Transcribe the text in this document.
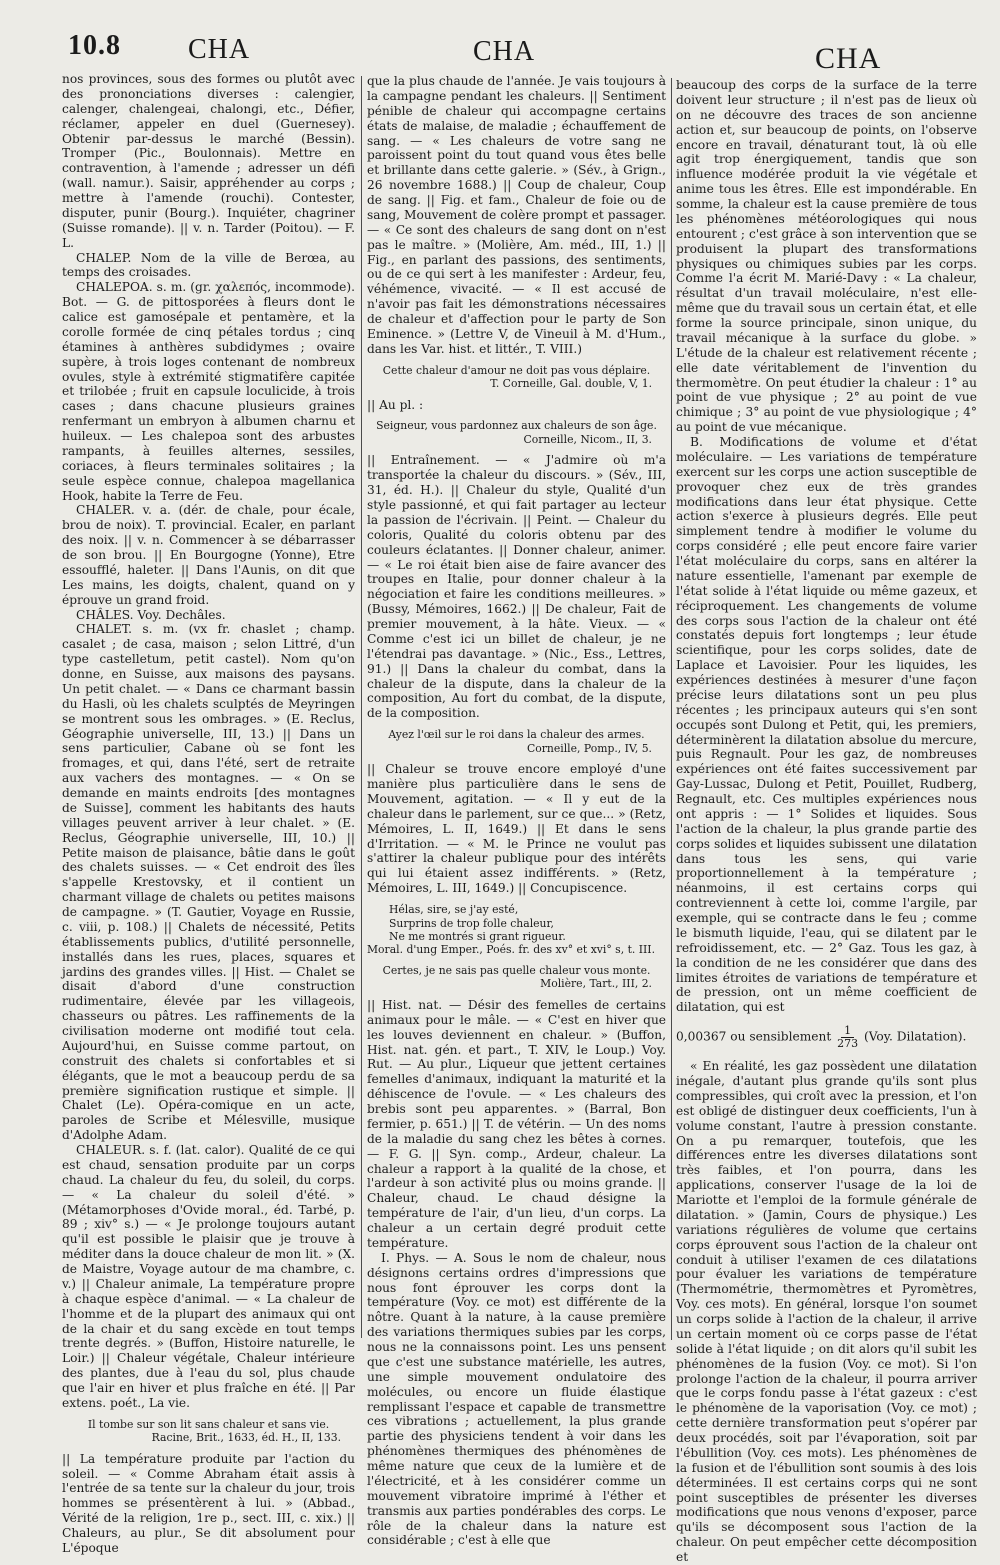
10.8 CHA	CHA	CHA

nos provinces, sous des formes ou plutôt avec des prononciations diverses : calengier, calenger, chalengeai, chalongi, etc., Défier, réclamer, appeler en duel (Guernesey). Obtenir par-dessus le marché (Bessin). Tromper (Pic., Boulonnais). Mettre en contravention, à l'amende ; adresser un défi (wall. namur.). Saisir, appréhender au corps ; mettre à l'amende (rouchi). Contester, disputer, punir (Bourg.). Inquiéter, chagriner (Suisse romande). || v. n. Tarder (Poitou). — F. L.

CHALEP. Nom de la ville de Berœa, au temps des croisades.

CHALEPOA. s. m. (gr. χαλεπός, incommode). Bot. — G. de pittosporées à fleurs dont le calice est gamosépale et pentamère, et la corolle formée de cinq pétales tordus ; cinq étamines à anthères subdidymes ; ovaire supère, à trois loges contenant de nombreux ovules, style à extrémité stigmatifère capitée et trilobée ; fruit en capsule loculicide, à trois cases ; dans chacune plusieurs graines renfermant un embryon à albumen charnu et huileux. — Les chalepoa sont des arbustes rampants, à feuilles alternes, sessiles, coriaces, à fleurs terminales solitaires ; la seule espèce connue, chalepoa magellanica Hook, habite la Terre de Feu.

CHALER. v. a. (dér. de chale, pour écale, brou de noix). T. provincial. Ecaler, en parlant des noix. || v. n. Commencer à se débarrasser de son brou. || En Bourgogne (Yonne), Etre essoufflé, haleter. || Dans l'Aunis, on dit que Les mains, les doigts, chalent, quand on y éprouve un grand froid.

CHÂLES. Voy. Dechâles.

CHALET. s. m. (vx fr. chaslet ; champ. casalet ; de casa, maison ; selon Littré, d'un type castelletum, petit castel). Nom qu'on donne, en Suisse, aux maisons des paysans. Un petit chalet. — « Dans ce charmant bassin du Hasli, où les chalets sculptés de Meyringen se montrent sous les ombrages. » (E. Reclus, Géographie universelle, III, 13.) || Dans un sens particulier, Cabane où se font les fromages, et qui, dans l'été, sert de retraite aux vachers des montagnes. — « On se demande en maints endroits [des montagnes de Suisse], comment les habitants des hauts villages peuvent arriver à leur chalet. » (E. Reclus, Géographie universelle, III, 10.) || Petite maison de plaisance, bâtie dans le goût des chalets suisses. — « Cet endroit des îles s'appelle Krestovsky, et il contient un charmant village de chalets ou petites maisons de campagne. » (T. Gautier, Voyage en Russie, c. viii, p. 108.) || Chalets de nécessité, Petits établissements publics, d'utilité personnelle, installés dans les rues, places, squares et jardins des grandes villes. || Hist. — Chalet se disait d'abord d'une construction rudimentaire, élevée par les villageois, chasseurs ou pâtres. Les raffinements de la civilisation moderne ont modifié tout cela. Aujourd'hui, en Suisse comme partout, on construit des chalets si confortables et si élégants, que le mot a beaucoup perdu de sa première signification rustique et simple. || Chalet (Le). Opéra-comique en un acte, paroles de Scribe et Mélesville, musique d'Adolphe Adam.

CHALEUR. s. f. (lat. calor). Qualité de ce qui est chaud, sensation produite par un corps chaud. La chaleur du feu, du soleil, du corps. — « La chaleur du soleil d'été. » (Métamorphoses d'Ovide moral., éd. Tarbé, p. 89 ; xiv° s.) — « Je prolonge toujours autant qu'il est possible le plaisir que je trouve à méditer dans la douce chaleur de mon lit. » (X. de Maistre, Voyage autour de ma chambre, c. v.) || Chaleur animale, La température propre à chaque espèce d'animal. — « La chaleur de l'homme et de la plupart des animaux qui ont de la chair et du sang excède en tout temps trente degrés. » (Buffon, Histoire naturelle, le Loir.) || Chaleur végétale, Chaleur intérieure des plantes, due à l'eau du sol, plus chaude que l'air en hiver et plus fraîche en été. || Par extens. poét., La vie.

Il tombe sur son lit sans chaleur et sans vie.

Racine, Brit., 1633, éd. H., II, 133.

|| La température produite par l'action du soleil. — « Comme Abraham était assis à l'entrée de sa tente sur la chaleur du jour, trois hommes se présentèrent à lui. » (Abbad., Vérité de la religion, 1re p., sect. III, c. xix.) || Chaleurs, au plur., Se dit absolument pour L'époque

que la plus chaude de l'année. Je vais toujours à la campagne pendant les chaleurs. || Sentiment pénible de chaleur qui accompagne certains états de malaise, de maladie ; échauffement de sang. — « Les chaleurs de votre sang ne paroissent point du tout quand vous êtes belle et brillante dans cette galerie. » (Sév., à Grign., 26 novembre 1688.) || Coup de chaleur, Coup de sang. || Fig. et fam., Chaleur de foie ou de sang, Mouvement de colère prompt et passager. — « Ce sont des chaleurs de sang dont on n'est pas le maître. » (Molière, Am. méd., III, 1.) || Fig., en parlant des passions, des sentiments, ou de ce qui sert à les manifester : Ardeur, feu, véhémence, vivacité. — « Il est accusé de n'avoir pas fait les démonstrations nécessaires de chaleur et d'affection pour le party de Son Eminence. » (Lettre V, de Vineuil à M. d'Hum., dans les Var. hist. et littér., T. VIII.)

Cette chaleur d'amour ne doit pas vous déplaire.

T. Corneille, Gal. double, V, 1.

|| Au pl. :

Seigneur, vous pardonnez aux chaleurs de son âge.

Corneille, Nicom., II, 3.

|| Entraînement. — « J'admire où m'a transportée la chaleur du discours. » (Sév., III, 31, éd. H.). || Chaleur du style, Qualité d'un style passionné, et qui fait partager au lecteur la passion de l'écrivain. || Peint. — Chaleur du coloris, Qualité du coloris obtenu par des couleurs éclatantes. || Donner chaleur, animer. — « Le roi était bien aise de faire avancer des troupes en Italie, pour donner chaleur à la négociation et faire les conditions meilleures. » (Bussy, Mémoires, 1662.) || De chaleur, Fait de premier mouvement, à la hâte. Vieux. — « Comme c'est ici un billet de chaleur, je ne l'étendrai pas davantage. » (Nic., Ess., Lettres, 91.) || Dans la chaleur du combat, dans la chaleur de la dispute, dans la chaleur de la composition, Au fort du combat, de la dispute, de la composition.

Ayez l'œil sur le roi dans la chaleur des armes.

Corneille, Pomp., IV, 5.

|| Chaleur se trouve encore employé d'une manière plus particulière dans le sens de Mouvement, agitation. — « Il y eut de la chaleur dans le parlement, sur ce que... » (Retz, Mémoires, L. II, 1649.) || Et dans le sens d'Irritation. — « M. le Prince ne voulut pas s'attirer la chaleur publique pour des intérêts qui lui étaient assez indifférents. » (Retz, Mémoires, L. III, 1649.) || Concupiscence.

Hélas, sire, se j'ay esté,

Surprins de trop folle chaleur,

Ne me montrés si grant rigueur.

Moral. d'ung Emper., Poés. fr. des xv° et xvi° s, t. III.

Certes, je ne sais pas quelle chaleur vous monte.

Molière, Tart., III, 2.

|| Hist. nat. — Désir des femelles de certains animaux pour le mâle. — « C'est en hiver que les louves deviennent en chaleur. » (Buffon, Hist. nat. gén. et part., T. XIV, le Loup.) Voy. Rut. — Au plur., Liqueur que jettent certaines femelles d'animaux, indiquant la maturité et la déhiscence de l'ovule. — « Les chaleurs des brebis sont peu apparentes. » (Barral, Bon fermier, p. 651.) || T. de vétérin. — Un des noms de la maladie du sang chez les bêtes à cornes. — F. G. || Syn. comp., Ardeur, chaleur. La chaleur a rapport à la qualité de la chose, et l'ardeur à son activité plus ou moins grande. || Chaleur, chaud. Le chaud désigne la température de l'air, d'un lieu, d'un corps. La chaleur a un certain degré produit cette température.

I. Phys. — A. Sous le nom de chaleur, nous désignons certains ordres d'impressions que nous font éprouver les corps dont la température (Voy. ce mot) est différente de la nôtre. Quant à la nature, à la cause première des variations thermiques subies par les corps, nous ne la connaissons point. Les uns pensent que c'est une substance matérielle, les autres, une simple mouvement ondulatoire des molécules, ou encore un fluide élastique remplissant l'espace et capable de transmettre ces vibrations ; actuellement, la plus grande partie des physiciens tendent à voir dans les phénomènes thermiques des phénomènes de même nature que ceux de la lumière et de l'électricité, et à les considérer comme un mouvement vibratoire imprimé à l'éther et transmis aux parties pondérables des corps. Le rôle de la chaleur dans la nature est considérable ; c'est à elle que

beaucoup des corps de la surface de la terre doivent leur structure ; il n'est pas de lieux où on ne découvre des traces de son ancienne action et, sur beaucoup de points, on l'observe encore en travail, dénaturant tout, là où elle agit trop énergiquement, tandis que son influence modérée produit la vie végétale et anime tous les êtres. Elle est impondérable. En somme, la chaleur est la cause première de tous les phénomènes météorologiques qui nous entourent ; c'est grâce à son intervention que se produisent la plupart des transformations physiques ou chimiques subies par les corps. Comme l'a écrit M. Marié-Davy : « La chaleur, résultat d'un travail moléculaire, n'est elle-même que du travail sous un certain état, et elle forme la source principale, sinon unique, du travail mécanique à la surface du globe. » L'étude de la chaleur est relativement récente ; elle date véritablement de l'invention du thermomètre. On peut étudier la chaleur : 1° au point de vue physique ; 2° au point de vue chimique ; 3° au point de vue physiologique ; 4° au point de vue mécanique.

B. Modifications de volume et d'état moléculaire. — Les variations de température exercent sur les corps une action susceptible de provoquer chez eux de très grandes modifications dans leur état physique. Cette action s'exerce à plusieurs degrés. Elle peut simplement tendre à modifier le volume du corps considéré ; elle peut encore faire varier l'état moléculaire du corps, sans en altérer la nature essentielle, l'amenant par exemple de l'état solide à l'état liquide ou même gazeux, et réciproquement. Les changements de volume des corps sous l'action de la chaleur ont été constatés depuis fort longtemps ; leur étude scientifique, pour les corps solides, date de Laplace et Lavoisier. Pour les liquides, les expériences destinées à mesurer d'une façon précise leurs dilatations sont un peu plus récentes ; les principaux auteurs qui s'en sont occupés sont Dulong et Petit, qui, les premiers, déterminèrent la dilatation absolue du mercure, puis Regnault. Pour les gaz, de nombreuses expériences ont été faites successivement par Gay-Lussac, Dulong et Petit, Pouillet, Rudberg, Regnault, etc. Ces multiples expériences nous ont appris : — 1° Solides et liquides. Sous l'action de la chaleur, la plus grande partie des corps solides et liquides subissent une dilatation dans tous les sens, qui varie proportionnellement à la température ; néanmoins, il est certains corps qui contreviennent à cette loi, comme l'argile, par exemple, qui se contracte dans le feu ; comme le bismuth liquide, l'eau, qui se dilatent par le refroidissement, etc. — 2° Gaz. Tous les gaz, à la condition de ne les considérer que dans des limites étroites de variations de température et de pression, ont un même coefficient de dilatation, qui est

0,00367 ou sensiblement $\frac{1}{273} (Voy$. Dilatation).

« En réalité, les gaz possèdent une dilatation inégale, d'autant plus grande qu'ils sont plus compressibles, qui croît avec la pression, et l'on est obligé de distinguer deux coefficients, l'un à volume constant, l'autre à pression constante. On a pu remarquer, toutefois, que les différences entre les diverses dilatations sont très faibles, et l'on pourra, dans les applications, conserver l'usage de la loi de Mariotte et l'emploi de la formule générale de dilatation. » (Jamin, Cours de physique.) Les variations régulières de volume que certains corps éprouvent sous l'action de la chaleur ont conduit à utiliser l'examen de ces dilatations pour évaluer les variations de température (Thermométrie, thermomètres et Pyromètres, Voy. ces mots). En général, lorsque l'on soumet un corps solide à l'action de la chaleur, il arrive un certain moment où ce corps passe de l'état solide à l'état liquide ; on dit alors qu'il subit les phénomènes de la fusion (Voy. ce mot). Si l'on prolonge l'action de la chaleur, il pourra arriver que le corps fondu passe à l'état gazeux : c'est le phénomène de la vaporisation (Voy. ce mot) ; cette dernière transformation peut s'opérer par deux procédés, soit par l'évaporation, soit par l'ébullition (Voy. ces mots). Les phénomènes de la fusion et de l'ébullition sont soumis à des lois déterminées. Il est certains corps qui ne sont point susceptibles de présenter les diverses modifications que nous venons d'exposer, parce qu'ils se décomposent sous l'action de la chaleur. On peut empêcher cette décomposition et
